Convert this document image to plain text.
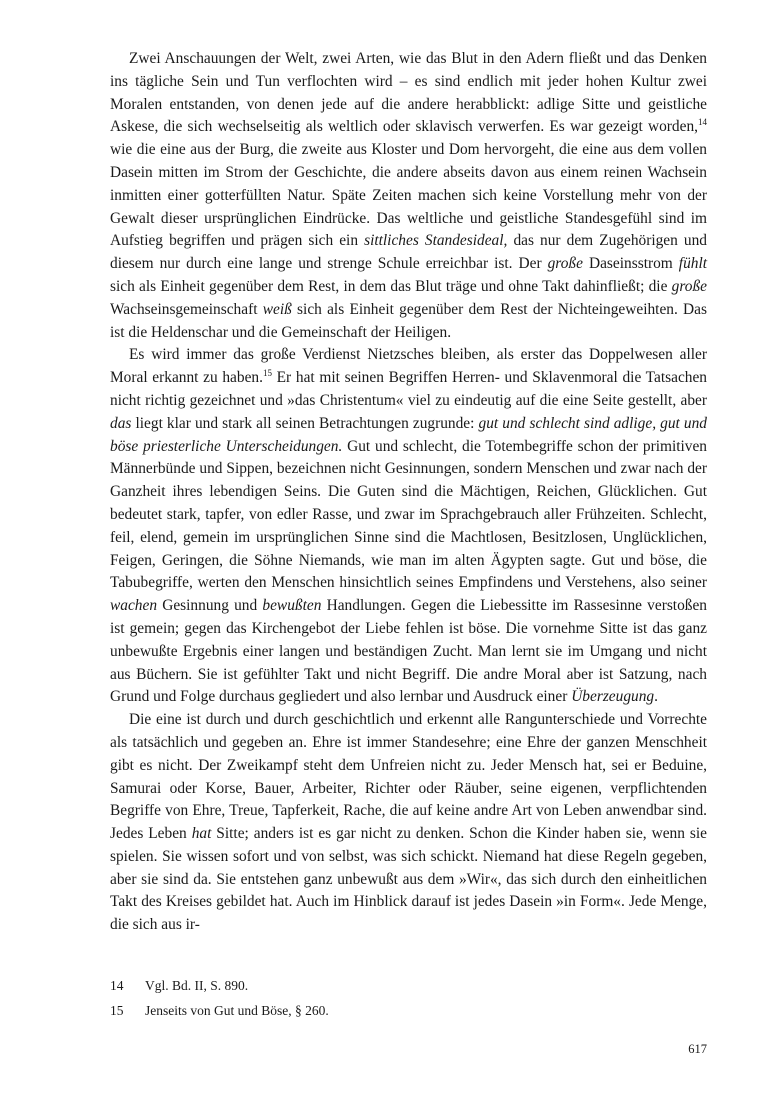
Zwei Anschauungen der Welt, zwei Arten, wie das Blut in den Adern fließt und das Denken ins tägliche Sein und Tun verflochten wird – es sind endlich mit jeder hohen Kultur zwei Moralen entstanden, von denen jede auf die andere herabblickt: adlige Sitte und geistliche Askese, die sich wechselseitig als weltlich oder sklavisch verwerfen. Es war gezeigt worden,$^{14}$ wie die eine aus der Burg, die zweite aus Kloster und Dom hervorgeht, die eine aus dem vollen Dasein mitten im Strom der Geschichte, die andere abseits davon aus einem reinen Wachsein inmitten einer gotterfüllten Natur. Späte Zeiten machen sich keine Vorstellung mehr von der Gewalt dieser ursprünglichen Eindrücke. Das weltliche und geistliche Standesgefühl sind im Aufstieg begriffen und prägen sich ein sittliches Standesideal, das nur dem Zugehörigen und diesem nur durch eine lange und strenge Schule erreichbar ist. Der große Daseinsstrom fühlt sich als Einheit gegenüber dem Rest, in dem das Blut träge und ohne Takt dahinfließt; die große Wachseinsgemeinschaft weiß sich als Einheit gegenüber dem Rest der Nichteingeweihten. Das ist die Heldenschar und die Gemeinschaft der Heiligen.

Es wird immer das große Verdienst Nietzsches bleiben, als erster das Doppelwesen aller Moral erkannt zu haben.$^{15}$ Er hat mit seinen Begriffen Herren- und Sklavenmoral die Tatsachen nicht richtig gezeichnet und »das Christentum« viel zu eindeutig auf die eine Seite gestellt, aber das liegt klar und stark all seinen Betrachtungen zugrunde: gut und schlecht sind adlige, gut und böse priesterliche Unterscheidungen. Gut und schlecht, die Totembegriffe schon der primitiven Männerbünde und Sippen, bezeichnen nicht Gesinnungen, sondern Menschen und zwar nach der Ganzheit ihres lebendigen Seins. Die Guten sind die Mächtigen, Reichen, Glücklichen. Gut bedeutet stark, tapfer, von edler Rasse, und zwar im Sprachgebrauch aller Frühzeiten. Schlecht, feil, elend, gemein im ursprünglichen Sinne sind die Machtlosen, Besitzlosen, Unglücklichen, Feigen, Geringen, die Söhne Niemands, wie man im alten Ägypten sagte. Gut und böse, die Tabubegriffe, werten den Menschen hinsichtlich seines Empfindens und Verstehens, also seiner wachen Gesinnung und bewußten Handlungen. Gegen die Liebessitte im Rassesinne verstoßen ist gemein; gegen das Kirchengebot der Liebe fehlen ist böse. Die vornehme Sitte ist das ganz unbewußte Ergebnis einer langen und beständigen Zucht. Man lernt sie im Umgang und nicht aus Büchern. Sie ist gefühlter Takt und nicht Begriff. Die andre Moral aber ist Satzung, nach Grund und Folge durchaus gegliedert und also lernbar und Ausdruck einer Überzeugung.

Die eine ist durch und durch geschichtlich und erkennt alle Rangunterschiede und Vorrechte als tatsächlich und gegeben an. Ehre ist immer Standesehre; eine Ehre der ganzen Menschheit gibt es nicht. Der Zweikampf steht dem Unfreien nicht zu. Jeder Mensch hat, sei er Beduine, Samurai oder Korse, Bauer, Arbeiter, Richter oder Räuber, seine eigenen, verpflichtenden Begriffe von Ehre, Treue, Tapferkeit, Rache, die auf keine andre Art von Leben anwendbar sind. Jedes Leben hat Sitte; anders ist es gar nicht zu denken. Schon die Kinder haben sie, wenn sie spielen. Sie wissen sofort und von selbst, was sich schickt. Niemand hat diese Regeln gegeben, aber sie sind da. Sie entstehen ganz unbewußt aus dem »Wir«, das sich durch den einheitlichen Takt des Kreises gebildet hat. Auch im Hinblick darauf ist jedes Dasein »in Form«. Jede Menge, die sich aus ir-

14 Vgl. Bd. II, S. 890.
15 Jenseits von Gut und Böse, § 260.
617
